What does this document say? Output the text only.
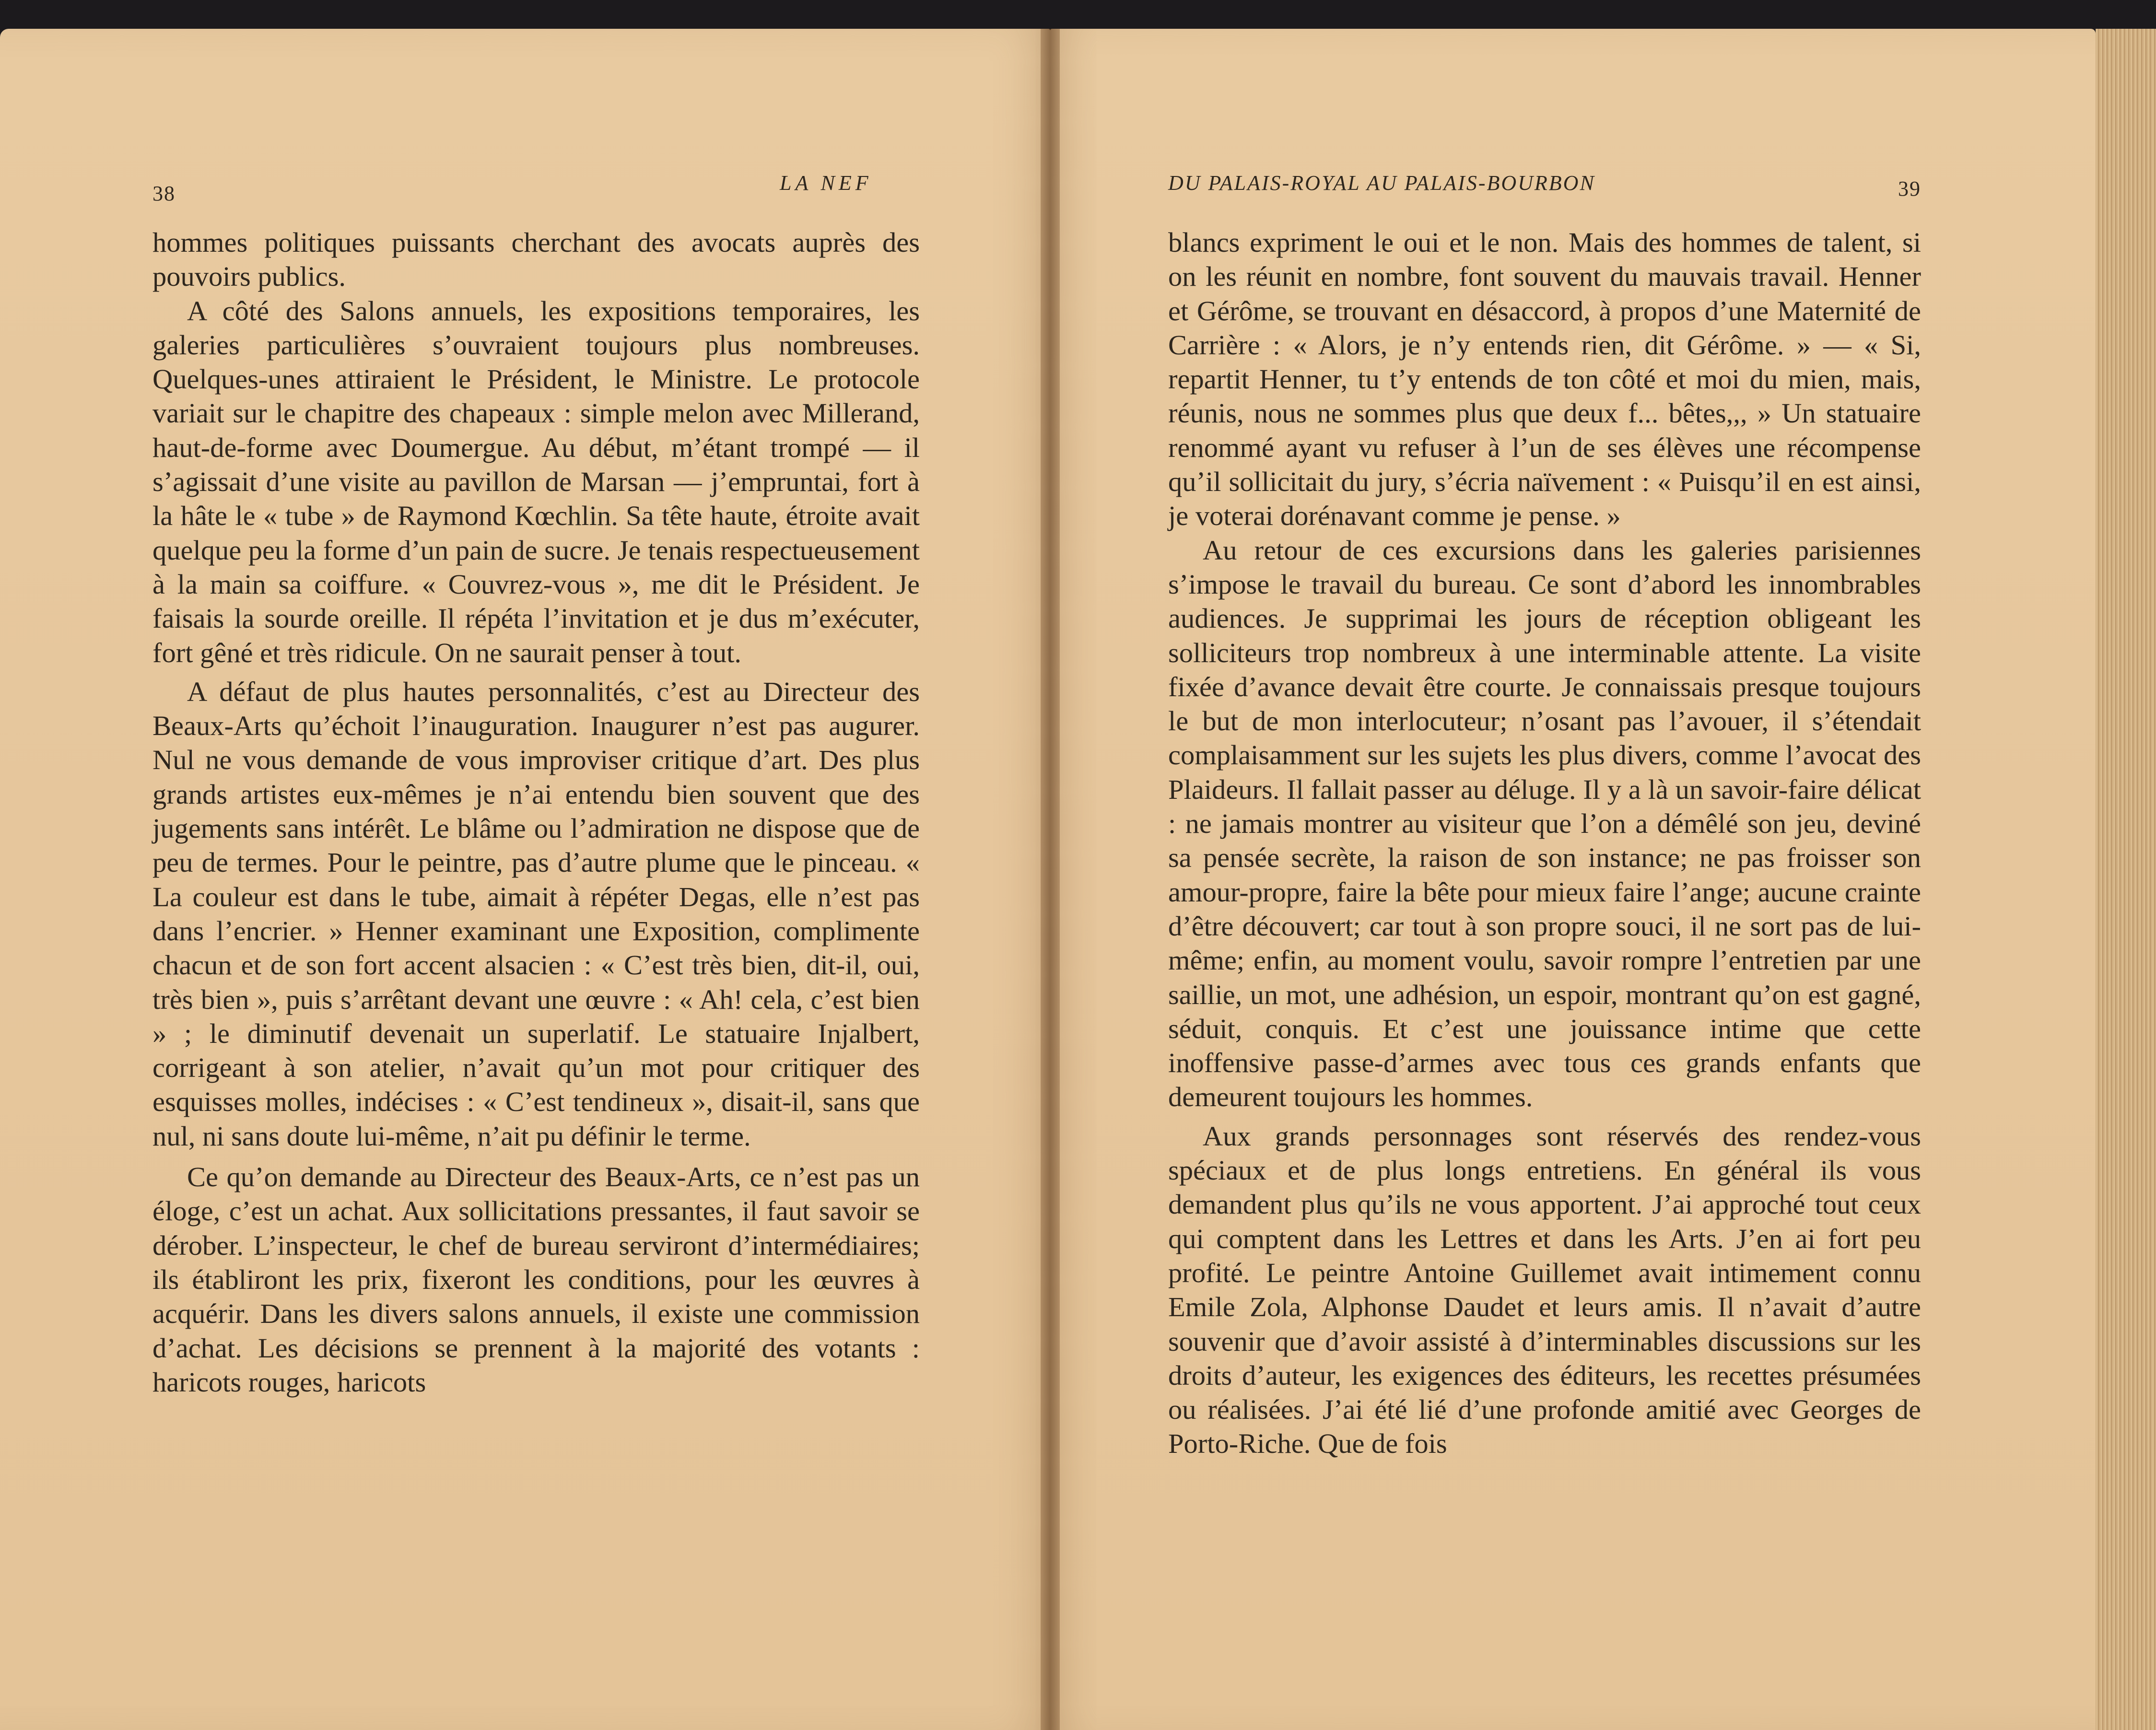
38	LA NEF	DU PALAIS-ROYAL AU PALAIS-BOURBON	39

hommes politiques puissants cherchant des avocats auprès des pouvoirs publics.

A côté des Salons annuels, les expositions temporaires, les galeries particulières s’ouvraient toujours plus nombreuses. Quelques-unes attiraient le Président, le Ministre. Le protocole variait sur le chapitre des chapeaux : simple melon avec Millerand, haut-de-forme avec Doumergue. Au début, m’étant trompé — il s’agissait d’une visite au pavillon de Marsan — j’empruntai, fort à la hâte le « tube » de Raymond Kœchlin. Sa tête haute, étroite avait quelque peu la forme d’un pain de sucre. Je tenais respectueusement à la main sa coiffure. « Couvrez-vous », me dit le Président. Je faisais la sourde oreille. Il répéta l’invitation et je dus m’exécuter, fort gêné et très ridicule. On ne saurait penser à tout.

A défaut de plus hautes personnalités, c’est au Directeur des Beaux-Arts qu’échoit l’inauguration. Inaugurer n’est pas augurer. Nul ne vous demande de vous improviser critique d’art. Des plus grands artistes eux-mêmes je n’ai entendu bien souvent que des jugements sans intérêt. Le blâme ou l’admiration ne dispose que de peu de termes. Pour le peintre, pas d’autre plume que le pinceau. « La couleur est dans le tube, aimait à répéter Degas, elle n’est pas dans l’encrier. » Henner examinant une Exposition, complimente chacun et de son fort accent alsacien : « C’est très bien, dit-il, oui, très bien », puis s’arrêtant devant une œuvre : « Ah! cela, c’est bien » ; le diminutif devenait un superlatif. Le statuaire Injalbert, corrigeant à son atelier, n’avait qu’un mot pour critiquer des esquisses molles, indécises : « C’est tendineux », disait-il, sans que nul, ni sans doute lui-même, n’ait pu définir le terme.

Ce qu’on demande au Directeur des Beaux-Arts, ce n’est pas un éloge, c’est un achat. Aux sollicitations pressantes, il faut savoir se dérober. L’inspecteur, le chef de bureau serviront d’intermédiaires; ils établiront les prix, fixeront les conditions, pour les œuvres à acquérir. Dans les divers salons annuels, il existe une commission d’achat. Les décisions se prennent à la majorité des votants : haricots rouges, haricots

blancs expriment le oui et le non. Mais des hommes de talent, si on les réunit en nombre, font souvent du mauvais travail. Henner et Gérôme, se trouvant en désaccord, à propos d’une Maternité de Carrière : « Alors, je n’y entends rien, dit Gérôme. » — « Si, repartit Henner, tu t’y entends de ton côté et moi du mien, mais, réunis, nous ne sommes plus que deux f... bêtes,,, » Un statuaire renommé ayant vu refuser à l’un de ses élèves une récompense qu’il sollicitait du jury, s’écria naïvement : « Puisqu’il en est ainsi, je voterai dorénavant comme je pense. »

Au retour de ces excursions dans les galeries parisiennes s’impose le travail du bureau. Ce sont d’abord les innombrables audiences. Je supprimai les jours de réception obligeant les solliciteurs trop nombreux à une interminable attente. La visite fixée d’avance devait être courte. Je connaissais presque toujours le but de mon interlocuteur; n’osant pas l’avouer, il s’étendait complaisamment sur les sujets les plus divers, comme l’avocat des Plaideurs. Il fallait passer au déluge. Il y a là un savoir-faire délicat : ne jamais montrer au visiteur que l’on a démêlé son jeu, deviné sa pensée secrète, la raison de son instance; ne pas froisser son amour-propre, faire la bête pour mieux faire l’ange; aucune crainte d’être découvert; car tout à son propre souci, il ne sort pas de lui-même; enfin, au moment voulu, savoir rompre l’entretien par une saillie, un mot, une adhésion, un espoir, montrant qu’on est gagné, séduit, conquis. Et c’est une jouissance intime que cette inoffensive passe-d’armes avec tous ces grands enfants que demeurent toujours les hommes.

Aux grands personnages sont réservés des rendez-vous spéciaux et de plus longs entretiens. En général ils vous demandent plus qu’ils ne vous apportent. J’ai approché tout ceux qui comptent dans les Lettres et dans les Arts. J’en ai fort peu profité. Le peintre Antoine Guillemet avait intimement connu Emile Zola, Alphonse Daudet et leurs amis. Il n’avait d’autre souvenir que d’avoir assisté à d’interminables discussions sur les droits d’auteur, les exigences des éditeurs, les recettes présumées ou réalisées. J’ai été lié d’une profonde amitié avec Georges de Porto-Riche. Que de fois
